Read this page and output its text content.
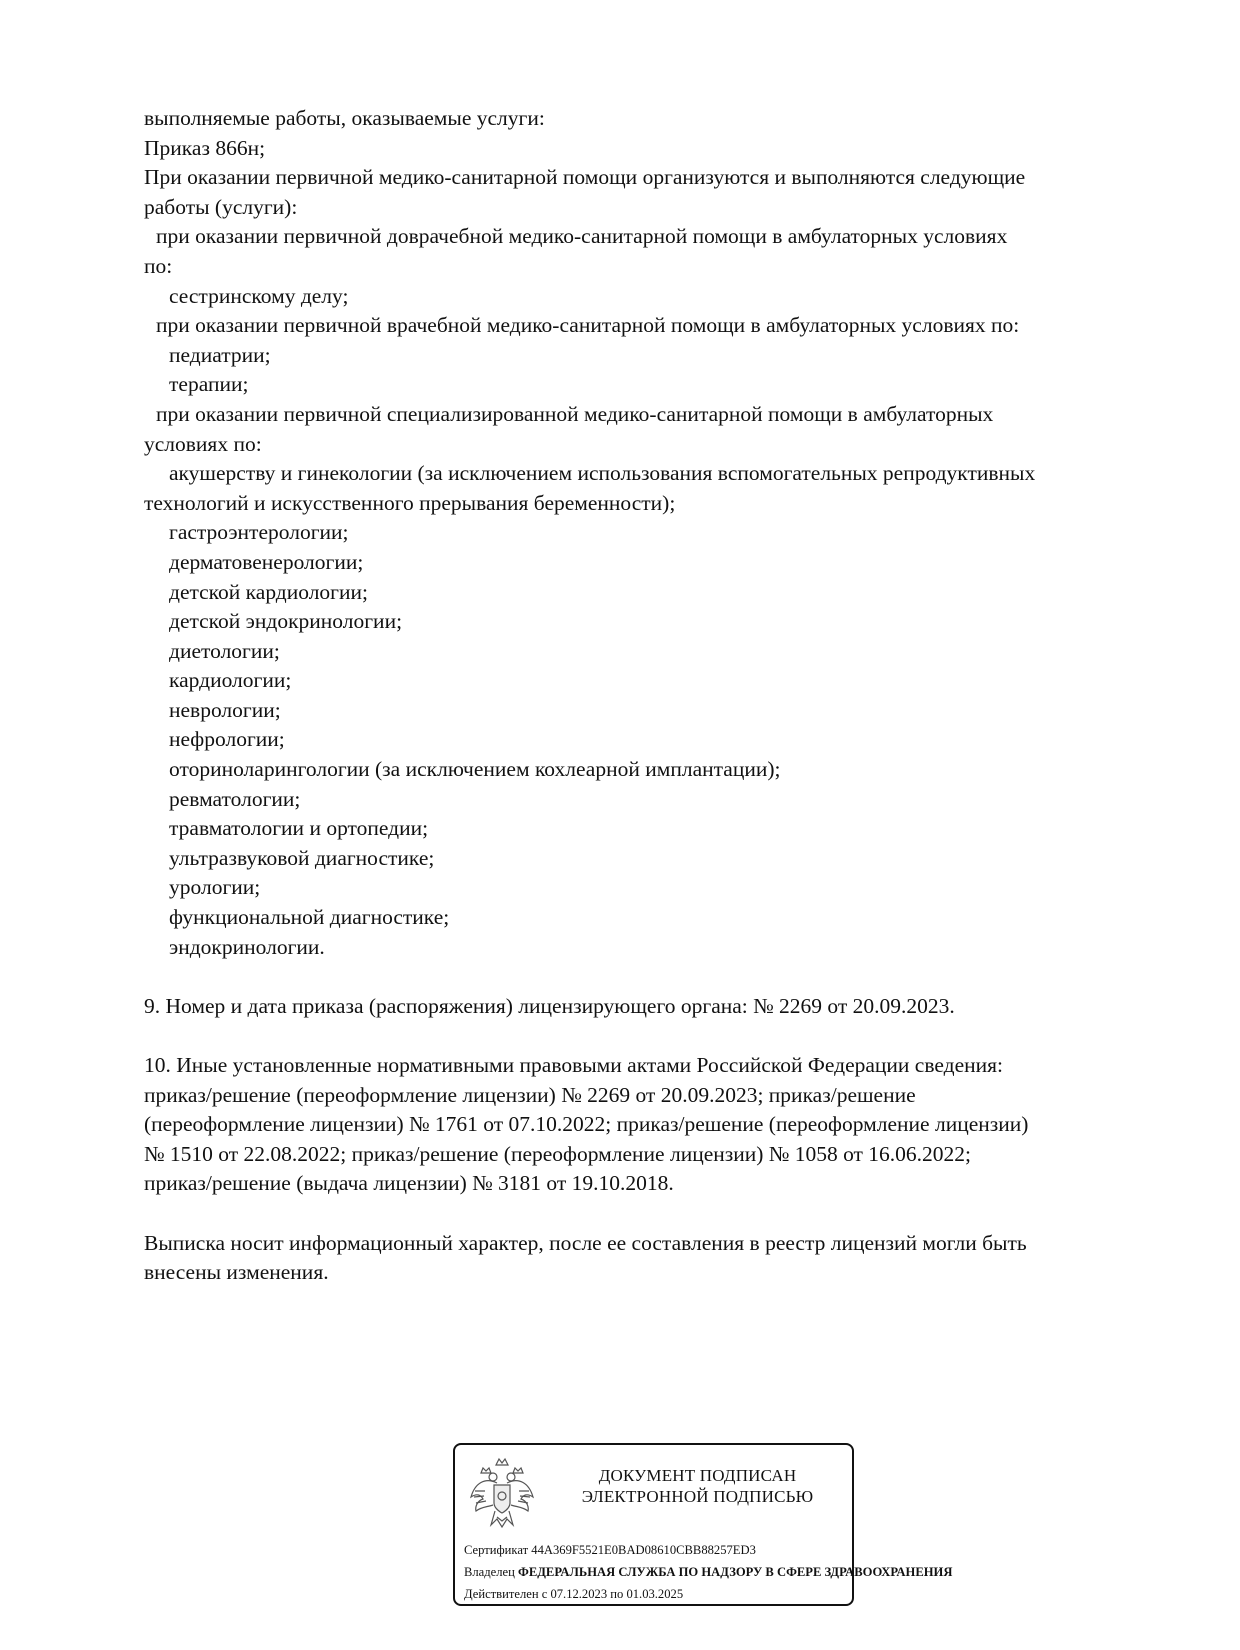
выполняемые работы, оказываемые услуги:
Приказ 866н;
При оказании первичной медико-санитарной помощи организуются и выполняются следующие
работы (услуги):
при оказании первичной доврачебной медико-санитарной помощи в амбулаторных условиях
по:
сестринскому делу;
при оказании первичной врачебной медико-санитарной помощи в амбулаторных условиях по:
педиатрии;
терапии;
при оказании первичной специализированной медико-санитарной помощи в амбулаторных
условиях по:
акушерству и гинекологии (за исключением использования вспомогательных репродуктивных
технологий и искусственного прерывания беременности);
гастроэнтерологии;
дерматовенерологии;
детской кардиологии;
детской эндокринологии;
диетологии;
кардиологии;
неврологии;
нефрологии;
оториноларингологии (за исключением кохлеарной имплантации);
ревматологии;
травматологии и ортопедии;
ультразвуковой диагностике;
урологии;
функциональной диагностике;
эндокринологии.
9. Номер и дата приказа (распоряжения) лицензирующего органа: № 2269 от 20.09.2023.
10. Иные установленные нормативными правовыми актами Российской Федерации сведения:
приказ/решение (переоформление лицензии) № 2269 от 20.09.2023; приказ/решение
(переоформление лицензии) № 1761 от 07.10.2022; приказ/решение (переоформление лицензии)
№ 1510 от 22.08.2022; приказ/решение (переоформление лицензии) № 1058 от 16.06.2022;
приказ/решение (выдача лицензии) № 3181 от 19.10.2018.
Выписка носит информационный характер, после ее составления в реестр лицензий могли быть
внесены изменения.
ДОКУМЕНТ ПОДПИСАН
ЭЛЕКТРОННОЙ ПОДПИСЬЮ
Сертификат 44A369F5521E0BAD08610CBB88257ED3
Владелец ФЕДЕРАЛЬНАЯ СЛУЖБА ПО НАДЗОРУ В СФЕРЕ ЗДРАВООХРАНЕНИЯ
Действителен с 07.12.2023 по 01.03.2025
